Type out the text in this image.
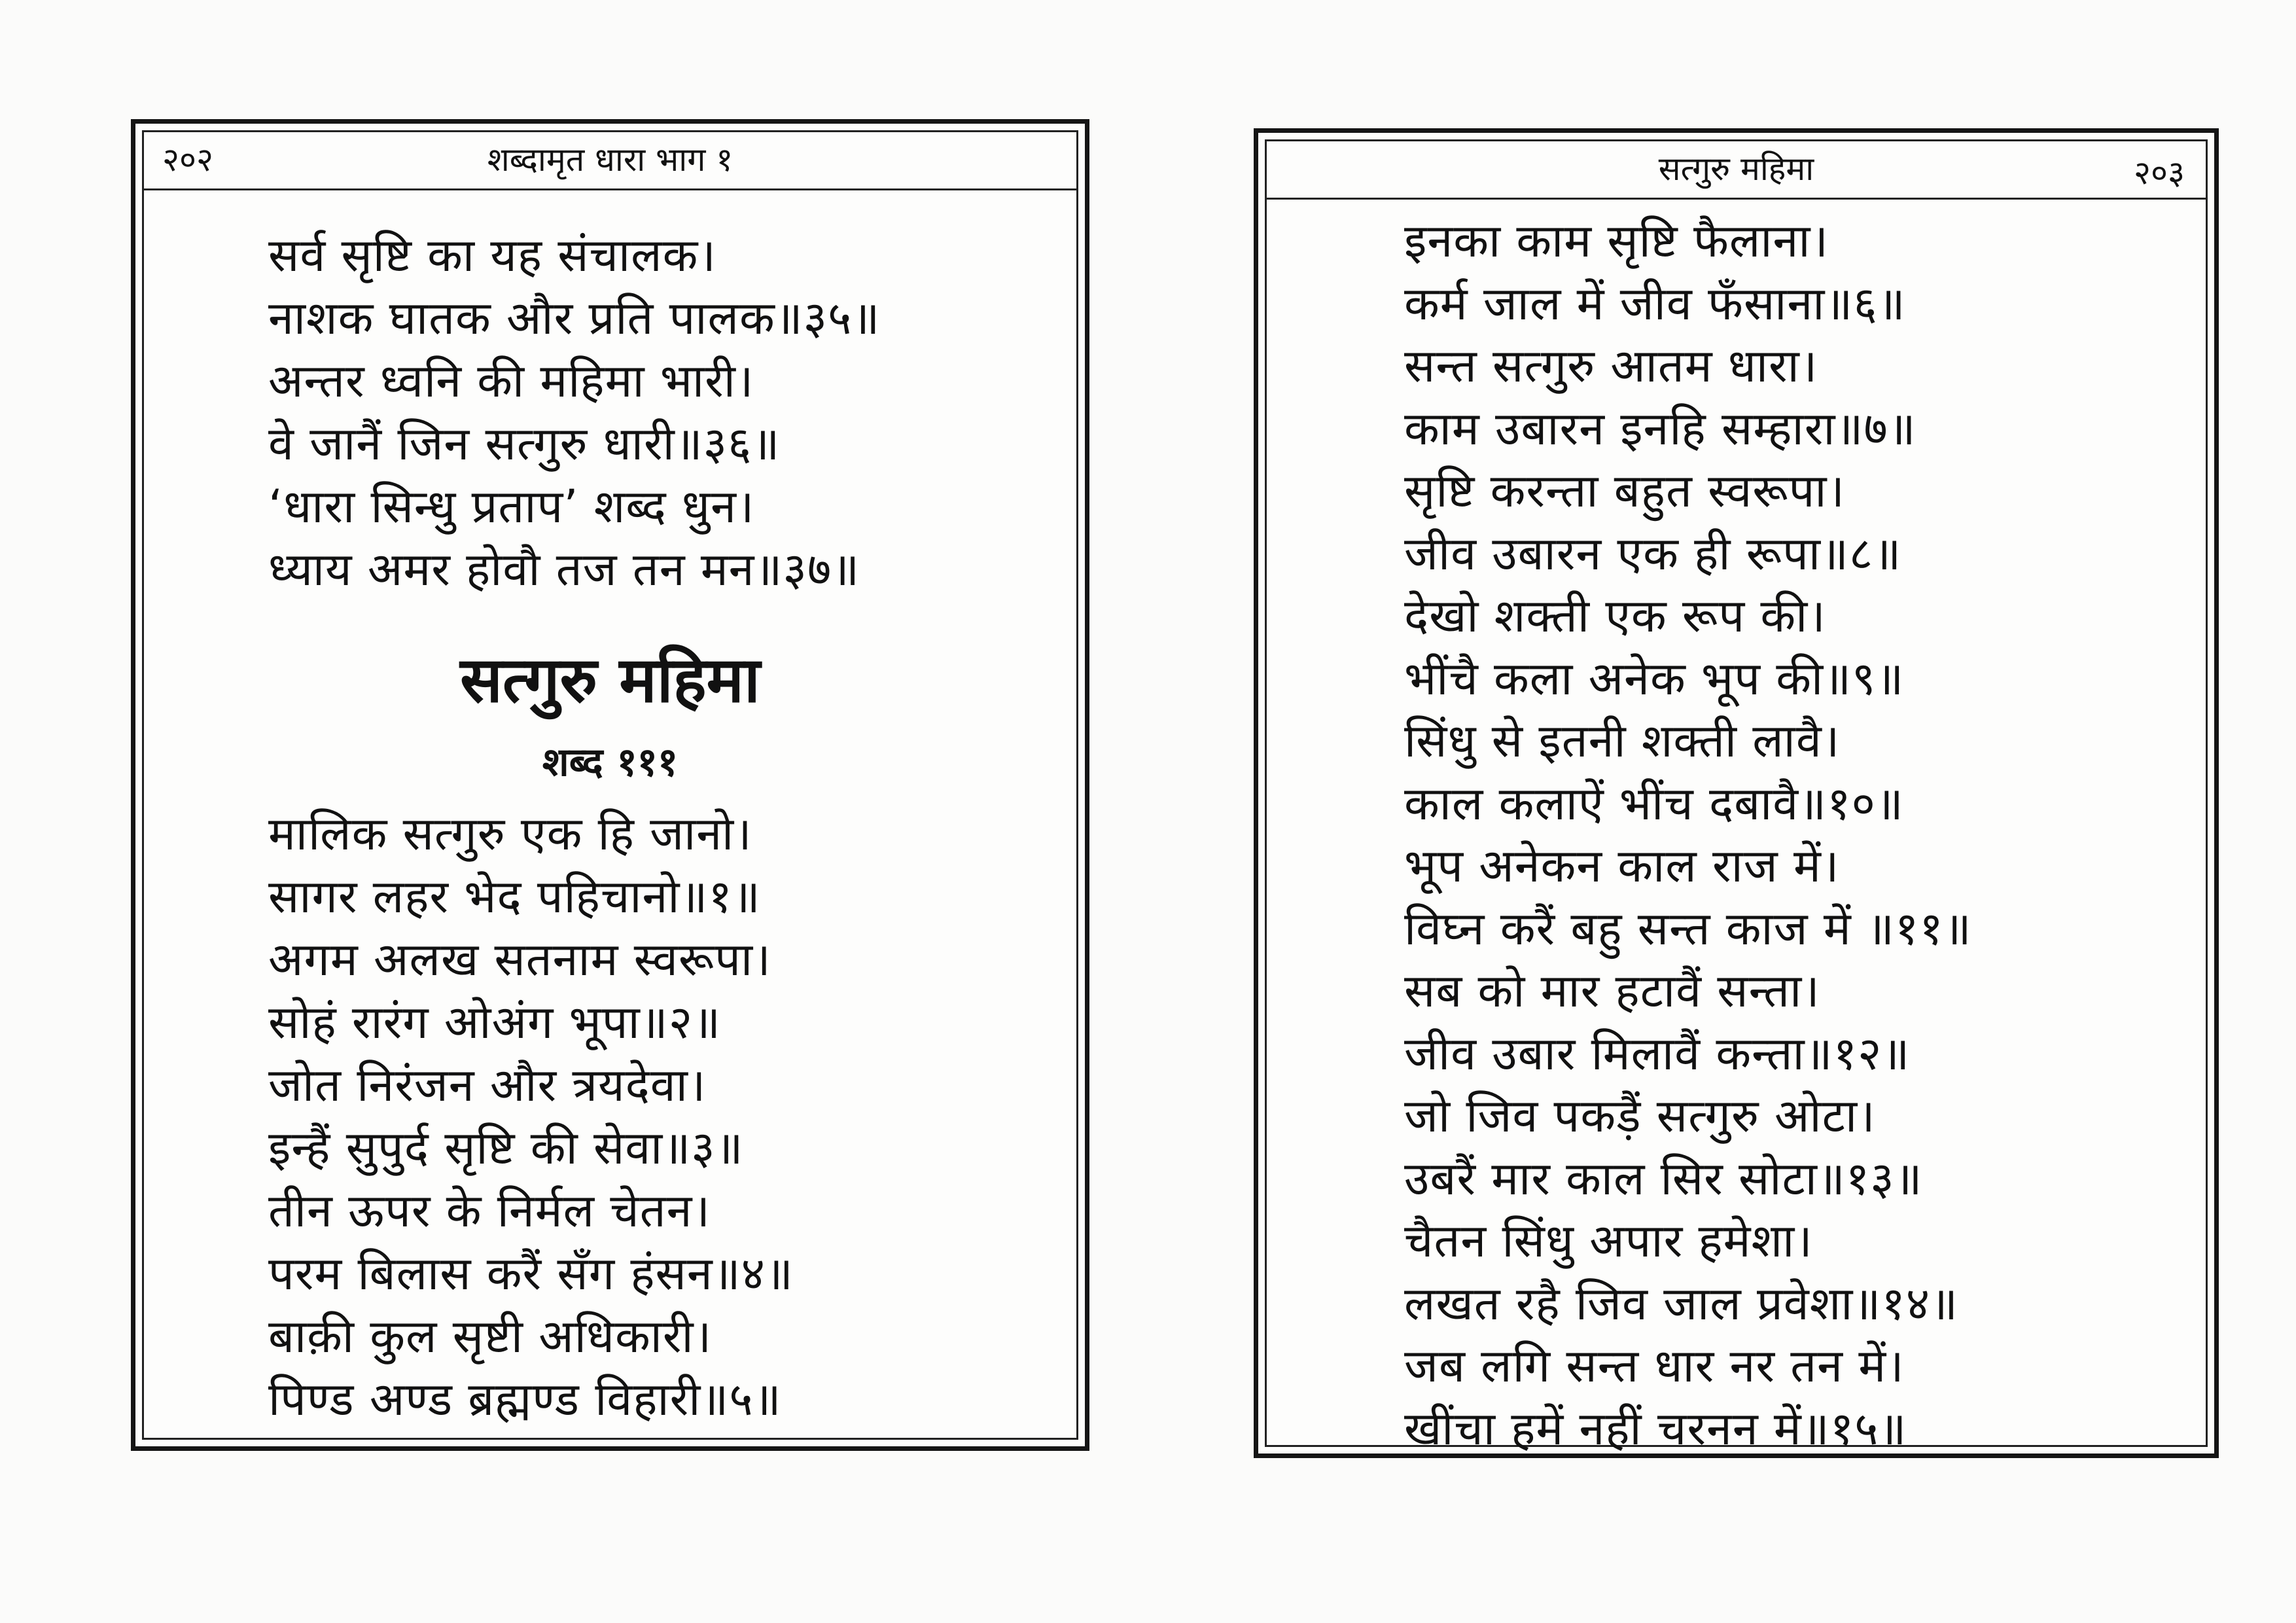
२०२	शब्दामृत धारा भाग १
सर्व सृष्टि का यह संचालक।
नाशक घातक और प्रति पालक॥३५॥
अन्तर ध्वनि की महिमा भारी।
वे जानैं जिन सत्गुरु धारी॥३६॥
‘धारा सिन्धु प्रताप’ शब्द धुन।
ध्याय अमर होवौ तज तन मन॥३७॥
सत्गुरु महिमा
शब्द १११
मालिक सत्गुरु एक हि जानो।
सागर लहर भेद पहिचानो॥१॥
अगम अलख सतनाम स्वरूपा।
सोहं रारंग ओअंग भूपा॥२॥
जोत निरंजन और त्रयदेवा।
इन्हैं सुपुर्द सृष्टि की सेवा॥३॥
तीन ऊपर के निर्मल चेतन।
परम बिलास करैं सँग हंसन॥४॥
बाक़ी कुल सृष्टी अधिकारी।
पिण्ड अण्ड ब्रह्मण्ड विहारी॥५॥
सत्गुरु महिमा	२०३
इनका काम सृष्टि फैलाना।
कर्म जाल में जीव फँसाना॥६॥
सन्त सत्गुरु आतम धारा।
काम उबारन इनहि सम्हारा॥७॥
सृष्टि करन्ता बहुत स्वरूपा।
जीव उबारन एक ही रूपा॥८॥
देखो शक्ती एक रूप की।
भींचै कला अनेक भूप की॥९॥
सिंधु से इतनी शक्ती लावै।
काल कलाऐं भींच दबावै॥१०॥
भूप अनेकन काल राज में।
विघ्न करैं बहु सन्त काज में ॥११॥
सब को मार हटावैं सन्ता।
जीव उबार मिलावैं कन्ता॥१२॥
जो जिव पकड़ैं सत्गुरु ओटा।
उबरैं मार काल सिर सोटा॥१३॥
चैतन सिंधु अपार हमेशा।
लखत रहै जिव जाल प्रवेशा॥१४॥
जब लगि सन्त धार नर तन में।
खींचा हमें नहीं चरनन में॥१५॥
